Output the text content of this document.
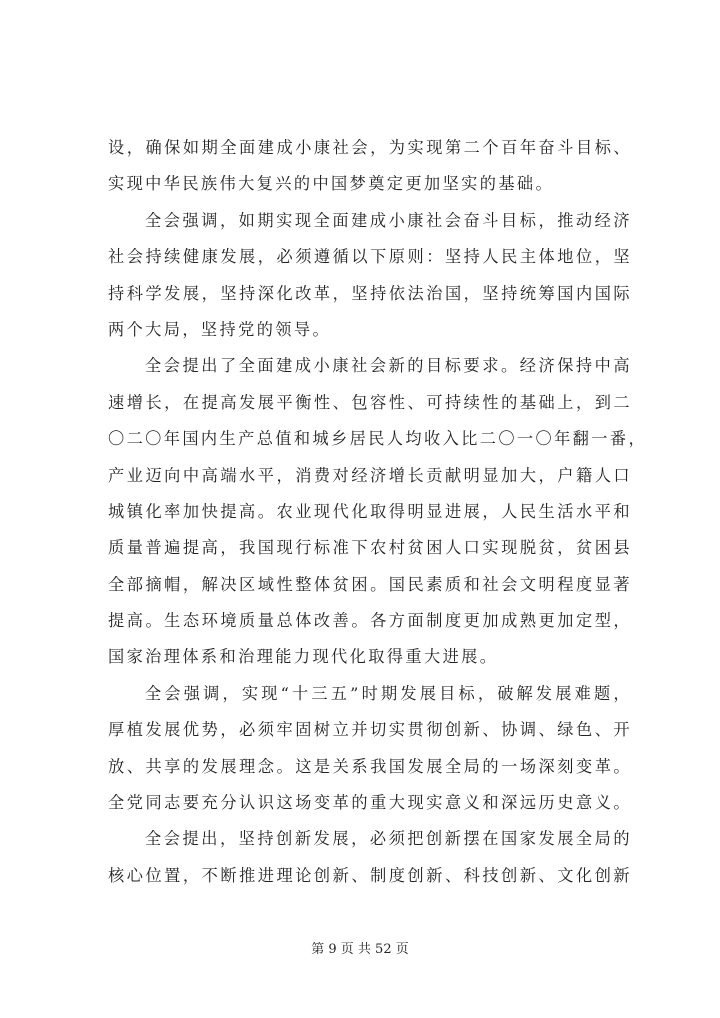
设，确保如期全面建成小康社会，为实现第二个百年奋斗目标、
实现中华民族伟大复兴的中国梦奠定更加坚实的基础。
全会强调，如期实现全面建成小康社会奋斗目标，推动经济
社会持续健康发展，必须遵循以下原则：坚持人民主体地位，坚
持科学发展，坚持深化改革，坚持依法治国，坚持统筹国内国际
两个大局，坚持党的领导。
全会提出了全面建成小康社会新的目标要求。经济保持中高
速增长，在提高发展平衡性、包容性、可持续性的基础上，到二
〇二〇年国内生产总值和城乡居民人均收入比二〇一〇年翻一番，
产业迈向中高端水平，消费对经济增长贡献明显加大，户籍人口
城镇化率加快提高。农业现代化取得明显进展，人民生活水平和
质量普遍提高，我国现行标准下农村贫困人口实现脱贫，贫困县
全部摘帽，解决区域性整体贫困。国民素质和社会文明程度显著
提高。生态环境质量总体改善。各方面制度更加成熟更加定型，
国家治理体系和治理能力现代化取得重大进展。
全会强调，实现“十三五”时期发展目标，破解发展难题，
厚植发展优势，必须牢固树立并切实贯彻创新、协调、绿色、开
放、共享的发展理念。这是关系我国发展全局的一场深刻变革。
全党同志要充分认识这场变革的重大现实意义和深远历史意义。
全会提出，坚持创新发展，必须把创新摆在国家发展全局的
核心位置，不断推进理论创新、制度创新、科技创新、文化创新
第 9 页 共 52 页
